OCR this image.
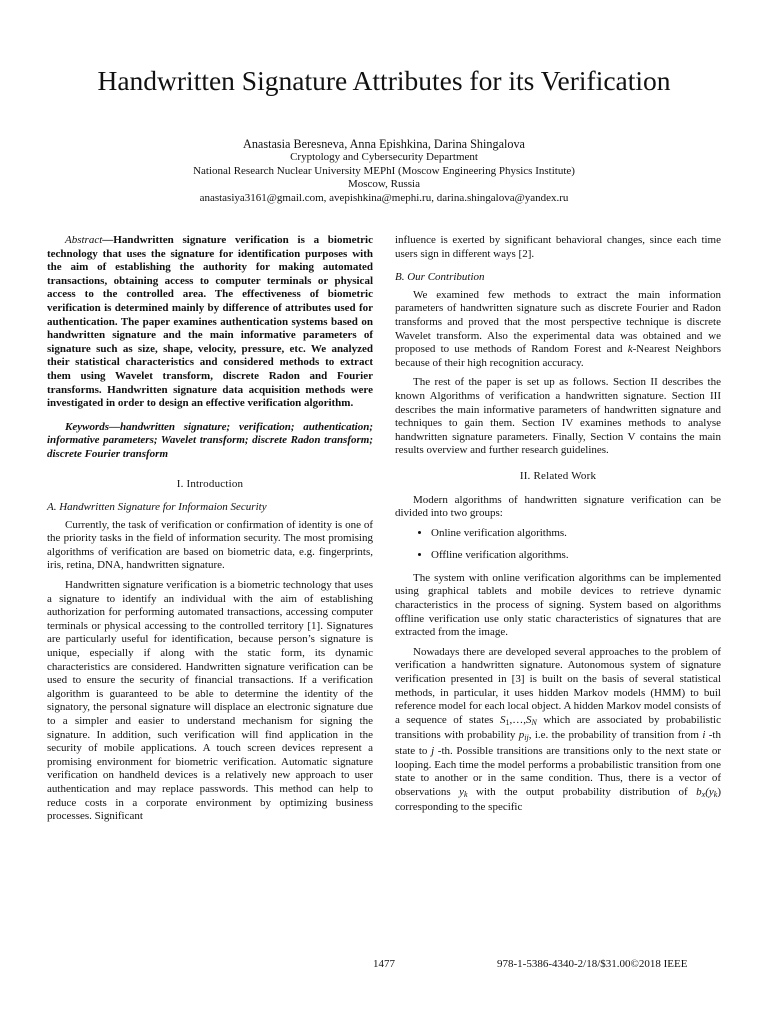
Handwritten Signature Attributes for its Verification
Anastasia Beresneva, Anna Epishkina, Darina Shingalova
Cryptology and Cybersecurity Department
National Research Nuclear University MEPhI (Moscow Engineering Physics Institute)
Moscow, Russia
anastasiya3161@gmail.com, avepishkina@mephi.ru, darina.shingalova@yandex.ru

Abstract—Handwritten signature verification is a biometric technology that uses the signature for identification purposes with the aim of establishing the authority for making automated transactions, obtaining access to computer terminals or physical access to the controlled area. The effectiveness of biometric verification is determined mainly by difference of attributes used for authentication. The paper examines authentication systems based on handwritten signature and the main informative parameters of signature such as size, shape, velocity, pressure, etc. We analyzed their statistical characteristics and considered methods to extract them using Wavelet transform, discrete Radon and Fourier transforms. Handwritten signature data acquisition methods were investigated in order to design an effective verification algorithm.

Keywords—handwritten signature; verification; authentication; informative parameters; Wavelet transform; discrete Radon transform; discrete Fourier transform

I. Introduction
A. Handwritten Signature for Informaion Security

Currently, the task of verification or confirmation of identity is one of the priority tasks in the field of information security. The most promising algorithms of verification are based on biometric data, e.g. fingerprints, iris, retina, DNA, handwritten signature.

Handwritten signature verification is a biometric technology that uses a signature to identify an individual with the aim of establishing authorization for performing automated transactions, accessing computer terminals or physical accessing to the controlled territory [1]. Signatures are particularly useful for identification, because person’s signature is unique, especially if along with the static form, its dynamic characteristics are considered. Handwritten signature verification can be used to ensure the security of financial transactions. If a verification algorithm is guaranteed to be able to determine the identity of the signatory, the personal signature will displace an electronic signature due to a simpler and easier to understand mechanism for signing the signature. In addition, such verification will find application in the security of mobile applications. A touch screen devices represent a promising environment for biometric verification. Automatic signature verification on handheld devices is a relatively new approach to user authentication and may replace passwords. This method can help to reduce costs in a corporate environment by optimizing business processes. Significant

influence is exerted by significant behavioral changes, since each time users sign in different ways [2].

B. Our Contribution

We examined few methods to extract the main information parameters of handwritten signature such as discrete Fourier and Radon transforms and proved that the most perspective technique is discrete Wavelet transform. Also the experimental data was obtained and we proposed to use methods of Random Forest and k-Nearest Neighbors because of their high recognition accuracy.

The rest of the paper is set up as follows. Section II describes the known Algorithms of verification a handwritten signature. Section III describes the main informative parameters of handwritten signature and techniques to gain them. Section IV examines methods to analyse handwritten signature parameters. Finally, Section V contains the main results overview and further research guidelines.

II. Related Work

Modern algorithms of handwritten signature verification can be divided into two groups:

• Online verification algorithms.
• Offline verification algorithms.

The system with online verification algorithms can be implemented using graphical tablets and mobile devices to retrieve dynamic characteristics in the process of signing. System based on algorithms offline verification use only static characteristics of signatures that are extracted from the image.

Nowadays there are developed several approaches to the problem of verification a handwritten signature. Autonomous system of signature verification presented in [3] is built on the basis of several statistical methods, in particular, it uses hidden Markov models (HMM) to buil reference model for each local object. A hidden Markov model consists of a sequence of states $S_1,\dots,S_N$ which are associated by probabilistic transitions with probability $p_{ij}$, i.e. the probability of transition from i -th state to j -th. Possible transitions are transitions only to the next state or looping. Each time the model performs a probabilistic transition from one state to another or in the same condition. Thus, there is a vector of observations $y_k$ with the output probability distribution of $b_x(y_k)$ corresponding to the specific

1477	978-1-5386-4340-2/18/$31.00©2018 IEEE
